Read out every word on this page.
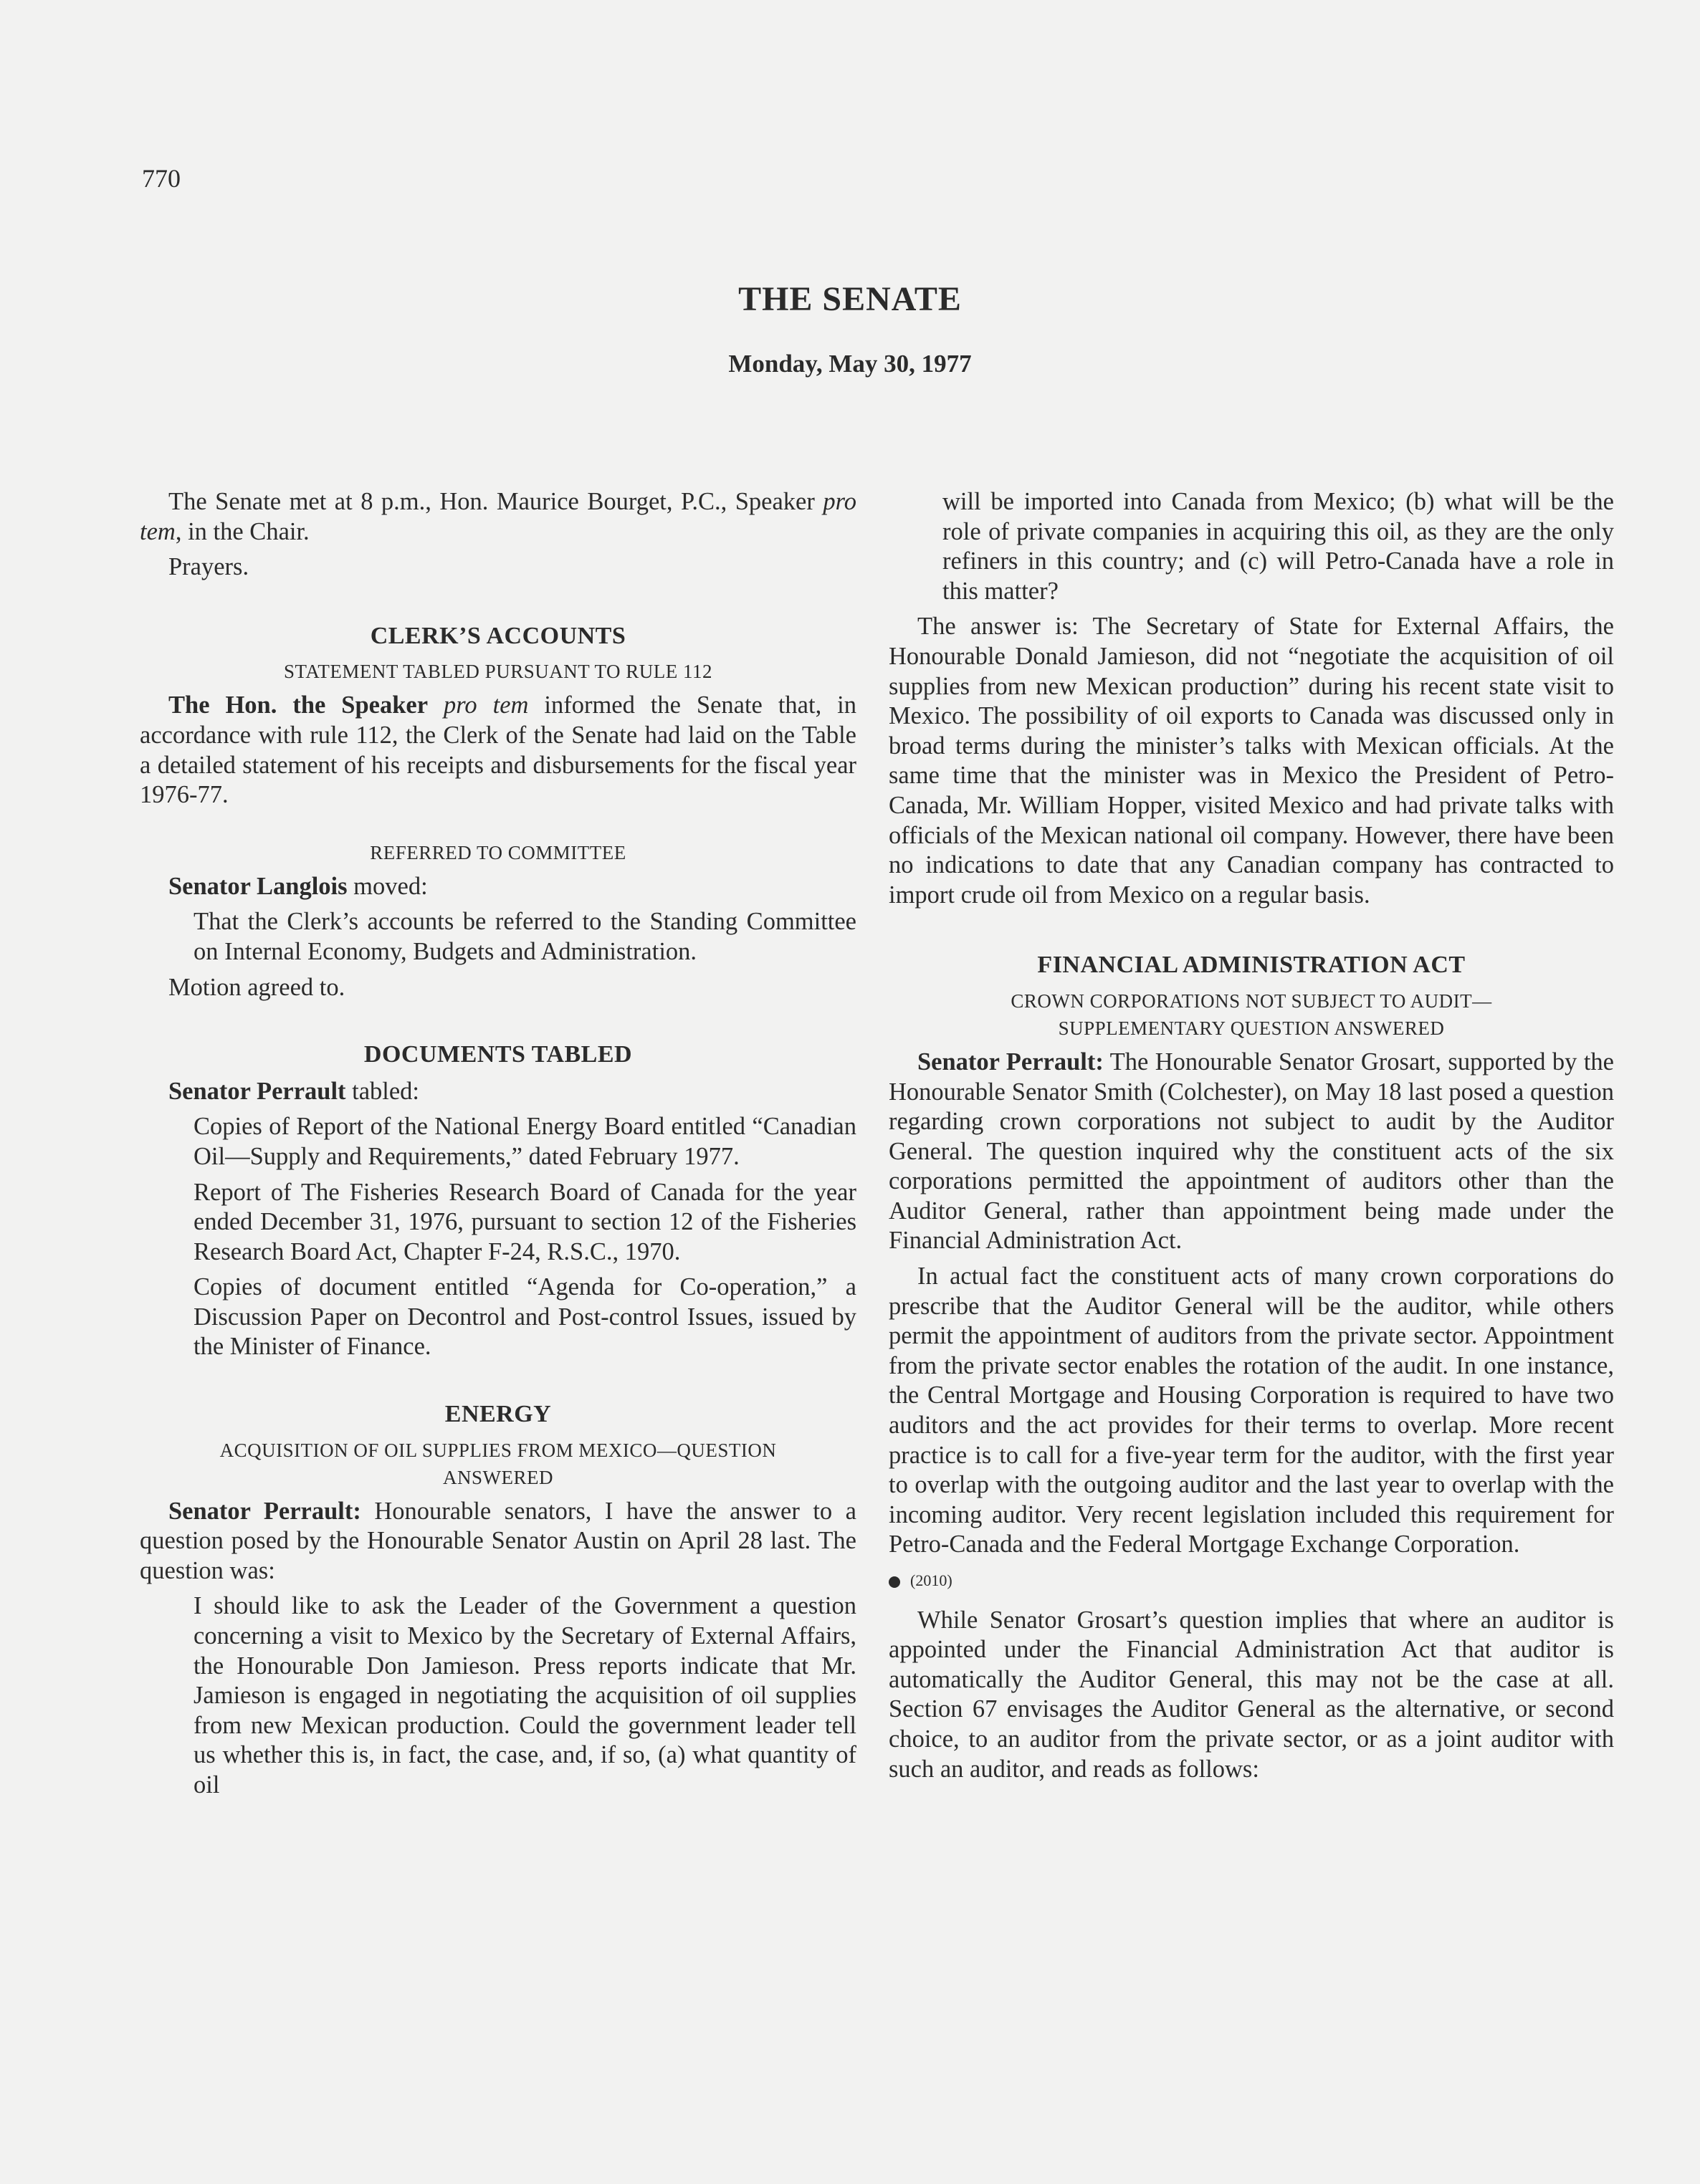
770
THE SENATE
Monday, May 30, 1977

The Senate met at 8 p.m., Hon. Maurice Bourget, P.C., Speaker pro tem, in the Chair.

Prayers.

CLERK’S ACCOUNTS
STATEMENT TABLED PURSUANT TO RULE 112

The Hon. the Speaker pro tem informed the Senate that, in accordance with rule 112, the Clerk of the Senate had laid on the Table a detailed statement of his receipts and disbursements for the fiscal year 1976-77.

REFERRED TO COMMITTEE

Senator Langlois moved:

That the Clerk’s accounts be referred to the Standing Committee on Internal Economy, Budgets and Administration.

Motion agreed to.

DOCUMENTS TABLED

Senator Perrault tabled:

Copies of Report of the National Energy Board entitled “Canadian Oil—Supply and Requirements,” dated February 1977.

Report of The Fisheries Research Board of Canada for the year ended December 31, 1976, pursuant to section 12 of the Fisheries Research Board Act, Chapter F-24, R.S.C., 1970.

Copies of document entitled “Agenda for Co-operation,” a Discussion Paper on Decontrol and Post-control Issues, issued by the Minister of Finance.

ENERGY
ACQUISITION OF OIL SUPPLIES FROM MEXICO—QUESTION ANSWERED

Senator Perrault: Honourable senators, I have the answer to a question posed by the Honourable Senator Austin on April 28 last. The question was:

I should like to ask the Leader of the Government a question concerning a visit to Mexico by the Secretary of External Affairs, the Honourable Don Jamieson. Press reports indicate that Mr. Jamieson is engaged in negotiating the acquisition of oil supplies from new Mexican production. Could the government leader tell us whether this is, in fact, the case, and, if so, (a) what quantity of oil

will be imported into Canada from Mexico; (b) what will be the role of private companies in acquiring this oil, as they are the only refiners in this country; and (c) will Petro-Canada have a role in this matter?

The answer is: The Secretary of State for External Affairs, the Honourable Donald Jamieson, did not “negotiate the acquisition of oil supplies from new Mexican production” during his recent state visit to Mexico. The possibility of oil exports to Canada was discussed only in broad terms during the minister’s talks with Mexican officials. At the same time that the minister was in Mexico the President of Petro-Canada, Mr. William Hopper, visited Mexico and had private talks with officials of the Mexican national oil company. However, there have been no indications to date that any Canadian company has contracted to import crude oil from Mexico on a regular basis.

FINANCIAL ADMINISTRATION ACT
CROWN CORPORATIONS NOT SUBJECT TO AUDIT—
SUPPLEMENTARY QUESTION ANSWERED

Senator Perrault: The Honourable Senator Grosart, supported by the Honourable Senator Smith (Colchester), on May 18 last posed a question regarding crown corporations not subject to audit by the Auditor General. The question inquired why the constituent acts of the six corporations permitted the appointment of auditors other than the Auditor General, rather than appointment being made under the Financial Administration Act.

In actual fact the constituent acts of many crown corporations do prescribe that the Auditor General will be the auditor, while others permit the appointment of auditors from the private sector. Appointment from the private sector enables the rotation of the audit. In one instance, the Central Mortgage and Housing Corporation is required to have two auditors and the act provides for their terms to overlap. More recent practice is to call for a five-year term for the auditor, with the first year to overlap with the outgoing auditor and the last year to overlap with the incoming auditor. Very recent legislation included this requirement for Petro-Canada and the Federal Mortgage Exchange Corporation.

(2010)

While Senator Grosart’s question implies that where an auditor is appointed under the Financial Administration Act that auditor is automatically the Auditor General, this may not be the case at all. Section 67 envisages the Auditor General as the alternative, or second choice, to an auditor from the private sector, or as a joint auditor with such an auditor, and reads as follows:
